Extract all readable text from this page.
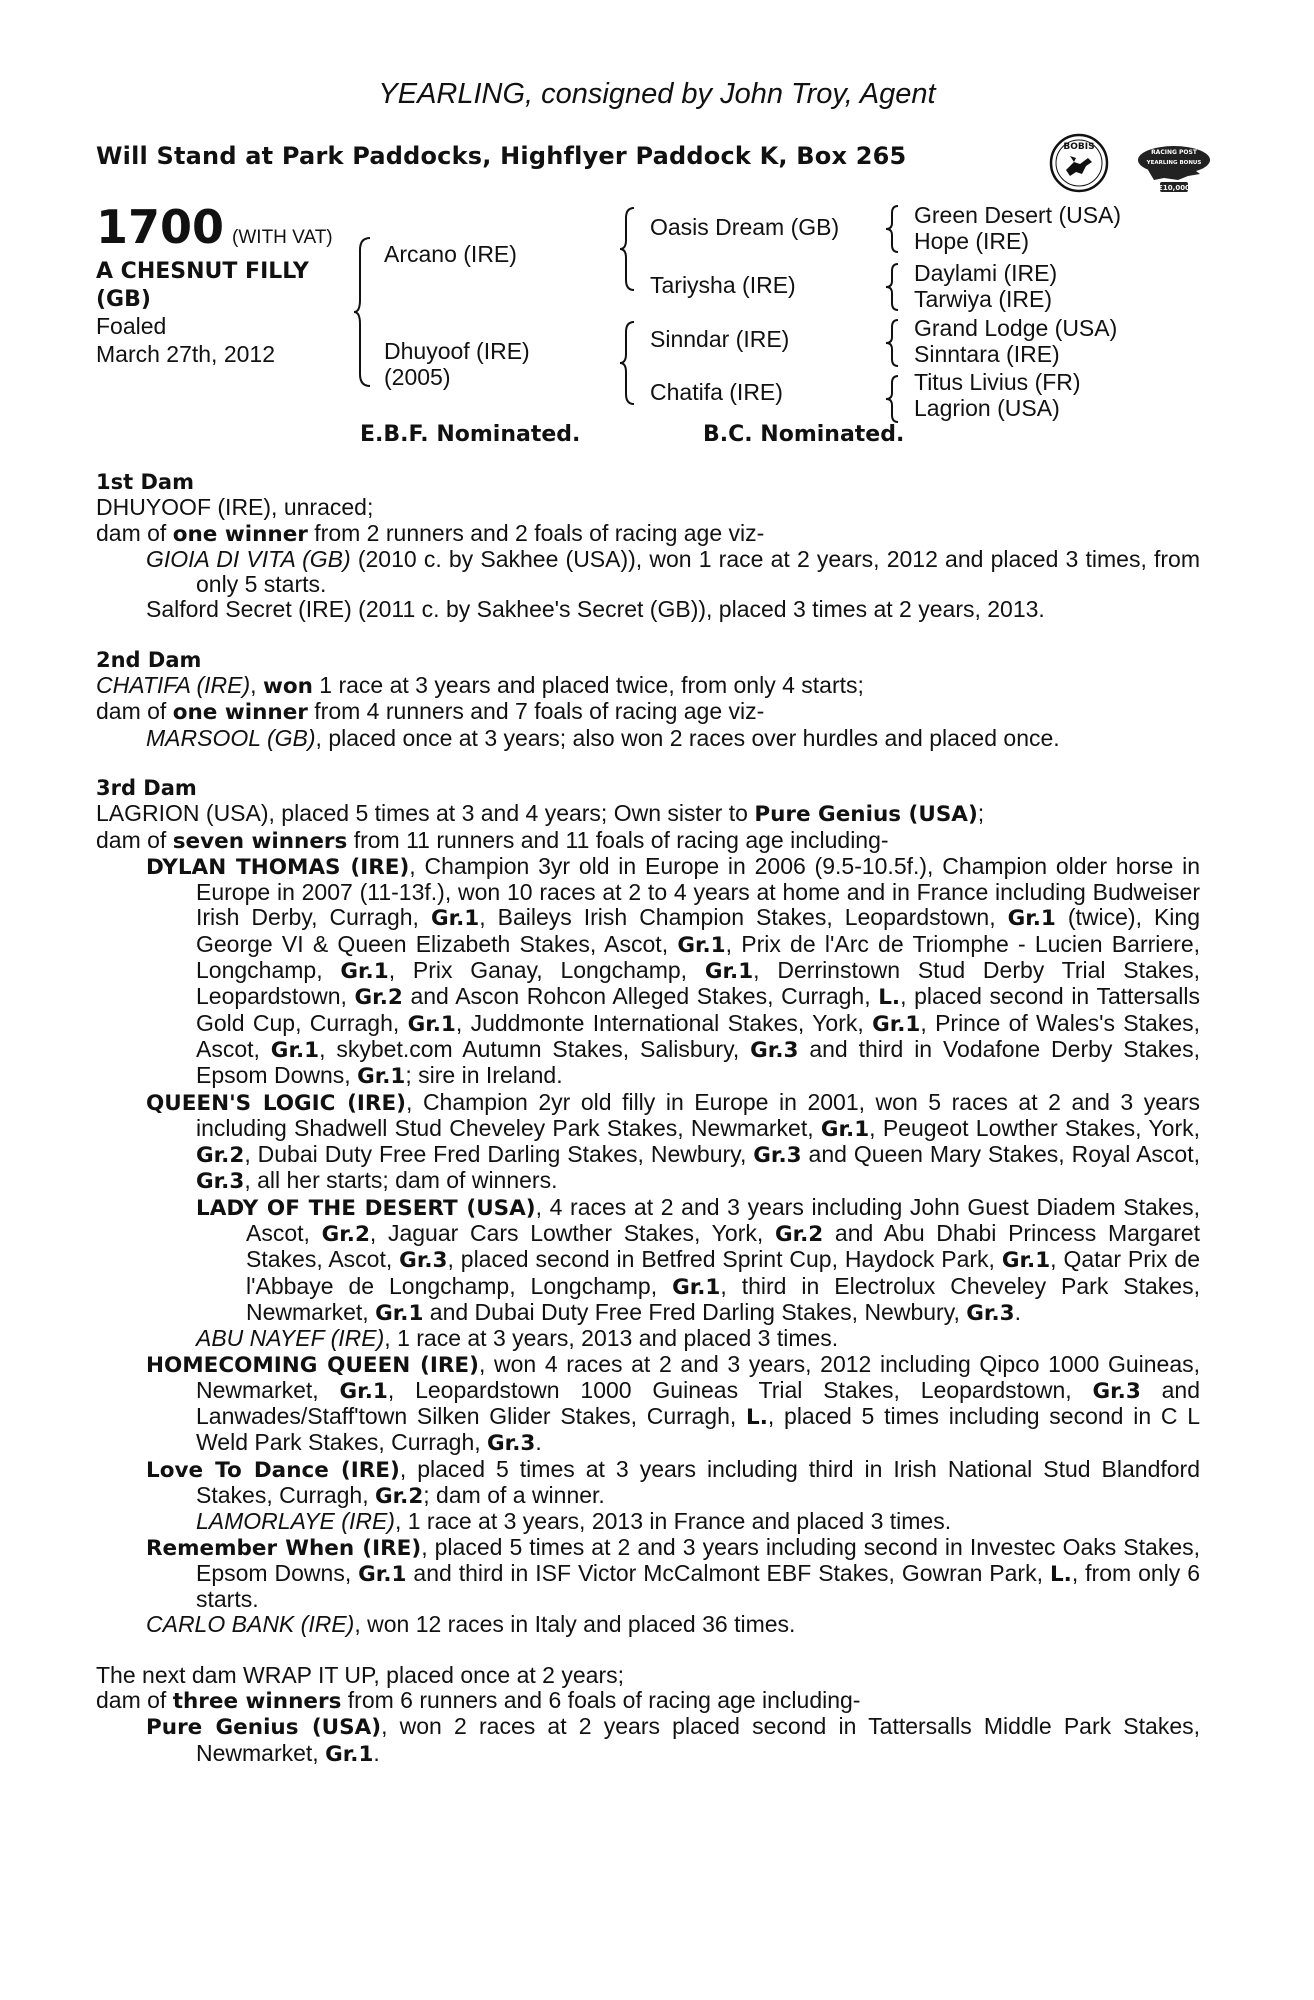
YEARLING, consigned by John Troy, Agent
Will Stand at Park Paddocks, Highflyer Paddock K, Box 265	BOBIS
RACING POST
YEARLING BONUS
£10,000
1700 (WITH VAT)
A CHESNUT FILLY (GB)
Foaled
March 27th, 2012
Arcano (IRE)
Dhuyoof (IRE)
(2005)
Oasis Dream (GB)
Tariysha (IRE)
Sinndar (IRE)
Chatifa (IRE)
Green Desert (USA)
Hope (IRE)
Daylami (IRE)
Tarwiya (IRE)
Grand Lodge (USA)
Sinntara (IRE)
Titus Livius (FR)
Lagrion (USA)
E.B.F. Nominated.	B.C. Nominated.

1st Dam

DHUYOOF (IRE), unraced;

dam of one winner from 2 runners and 2 foals of racing age viz-

GIOIA DI VITA (GB) (2010 c. by Sakhee (USA)), won 1 race at 2 years, 2012 and placed 3 times, from only 5 starts.

Salford Secret (IRE) (2011 c. by Sakhee's Secret (GB)), placed 3 times at 2 years, 2013.

2nd Dam

CHATIFA (IRE), won 1 race at 3 years and placed twice, from only 4 starts;

dam of one winner from 4 runners and 7 foals of racing age viz-

MARSOOL (GB), placed once at 3 years; also won 2 races over hurdles and placed once.

3rd Dam

LAGRION (USA), placed 5 times at 3 and 4 years; Own sister to Pure Genius (USA);

dam of seven winners from 11 runners and 11 foals of racing age including-

DYLAN THOMAS (IRE), Champion 3yr old in Europe in 2006 (9.5-10.5f.), Champion older horse in Europe in 2007 (11-13f.), won 10 races at 2 to 4 years at home and in France including Budweiser Irish Derby, Curragh, Gr.1, Baileys Irish Champion Stakes, Leopardstown, Gr.1 (twice), King George VI & Queen Elizabeth Stakes, Ascot, Gr.1, Prix de l'Arc de Triomphe - Lucien Barriere, Longchamp, Gr.1, Prix Ganay, Longchamp, Gr.1, Derrinstown Stud Derby Trial Stakes, Leopardstown, Gr.2 and Ascon Rohcon Alleged Stakes, Curragh, L., placed second in Tattersalls Gold Cup, Curragh, Gr.1, Juddmonte International Stakes, York, Gr.1, Prince of Wales's Stakes, Ascot, Gr.1, skybet.com Autumn Stakes, Salisbury, Gr.3 and third in Vodafone Derby Stakes, Epsom Downs, Gr.1; sire in Ireland.

QUEEN'S LOGIC (IRE), Champion 2yr old filly in Europe in 2001, won 5 races at 2 and 3 years including Shadwell Stud Cheveley Park Stakes, Newmarket, Gr.1, Peugeot Lowther Stakes, York, Gr.2, Dubai Duty Free Fred Darling Stakes, Newbury, Gr.3 and Queen Mary Stakes, Royal Ascot, Gr.3, all her starts; dam of winners.

LADY OF THE DESERT (USA), 4 races at 2 and 3 years including John Guest Diadem Stakes, Ascot, Gr.2, Jaguar Cars Lowther Stakes, York, Gr.2 and Abu Dhabi Princess Margaret Stakes, Ascot, Gr.3, placed second in Betfred Sprint Cup, Haydock Park, Gr.1, Qatar Prix de l'Abbaye de Longchamp, Longchamp, Gr.1, third in Electrolux Cheveley Park Stakes, Newmarket, Gr.1 and Dubai Duty Free Fred Darling Stakes, Newbury, Gr.3.

ABU NAYEF (IRE), 1 race at 3 years, 2013 and placed 3 times.

HOMECOMING QUEEN (IRE), won 4 races at 2 and 3 years, 2012 including Qipco 1000 Guineas, Newmarket, Gr.1, Leopardstown 1000 Guineas Trial Stakes, Leopardstown, Gr.3 and Lanwades/Staff'town Silken Glider Stakes, Curragh, L., placed 5 times including second in C L Weld Park Stakes, Curragh, Gr.3.

Love To Dance (IRE), placed 5 times at 3 years including third in Irish National Stud Blandford Stakes, Curragh, Gr.2; dam of a winner.

LAMORLAYE (IRE), 1 race at 3 years, 2013 in France and placed 3 times.

Remember When (IRE), placed 5 times at 2 and 3 years including second in Investec Oaks Stakes, Epsom Downs, Gr.1 and third in ISF Victor McCalmont EBF Stakes, Gowran Park, L., from only 6 starts.

CARLO BANK (IRE), won 12 races in Italy and placed 36 times.

The next dam WRAP IT UP, placed once at 2 years;

dam of three winners from 6 runners and 6 foals of racing age including-

Pure Genius (USA), won 2 races at 2 years placed second in Tattersalls Middle Park Stakes, Newmarket, Gr.1.
